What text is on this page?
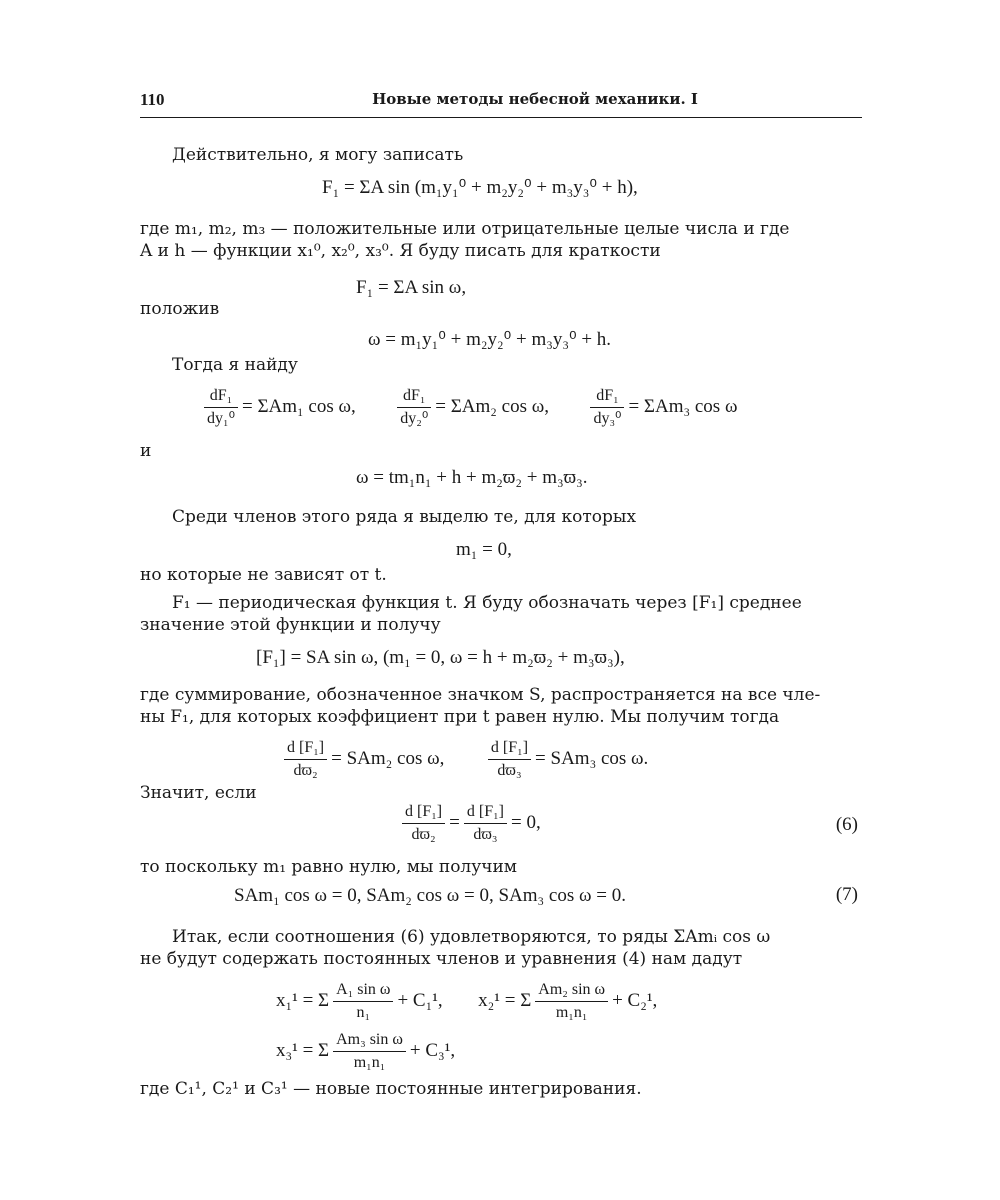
110	Новые методы небесной механики. I
Действительно, я могу записать
F₁ = ΣA sin (m₁y₁⁰ + m₂y₂⁰ + m₃y₃⁰ + h),
где m₁, m₂, m₃ — положительные или отрицательные целые числа и где
A и h — функции x₁⁰, x₂⁰, x₃⁰. Я буду писать для краткости
F₁ = ΣA sin ω,
положив
ω = m₁y₁⁰ + m₂y₂⁰ + m₃y₃⁰ + h.
Тогда я найду
$\frac{\text{dF₁}}{\text{dy₁⁰}} = \Sigma Am_1$ cos ω,	$\frac{\text{dF₁}}{\text{dy₂⁰}} = \Sigma Am_2$ cos ω,	$\frac{\text{dF₁}}{\text{dy₃⁰}} = \Sigma Am_3$ cos ω
и
ω = tm₁n₁ + h + m₂ϖ₂ + m₃ϖ₃.
Среди членов этого ряда я выделю те, для которых
m₁ = 0,
но которые не зависят от t.
F₁ — периодическая функция t. Я буду обозначать через [F₁] среднее
значение этой функции и получу
[F₁] = SA sin ω, (m₁ = 0, ω = h + m₂ϖ₂ + m₃ϖ₃),
где суммирование, обозначенное значком S, распространяется на все чле-
ны F₁, для которых коэффициент при t равен нулю. Мы получим тогда
$\frac{\text{d [F₁]}}{\text{dϖ₂}} = SAm_2$ cos ω,	$\frac{\text{d [F₁]}}{\text{dϖ₃}} = SAm_3$ cos ω.
Значит, если
$\frac{\text{d [F₁]}}{\text{dϖ₂}} = \frac{\text{d [F₁]}}{\text{dϖ₃}} = 0$,	(6)
то поскольку m₁ равно нулю, мы получим
SAm₁ cos ω = 0, SAm₂ cos ω = 0, SAm₃ cos ω = 0.	(7)
Итак, если соотношения (6) удовлетворяются, то ряды ΣAmᵢ cos ω
не будут содержать постоянных членов и уравнения (4) нам дадут
x₁¹ = Σ $\frac{\text{A₁ sin ω}}{\text{n₁}} + C_1^1$, x₂¹ = Σ $\frac{\text{Am₂ sin ω}}{\text{m₁n₁}} + C_2^1$,
x₃¹ = Σ $\frac{\text{Am₃ sin ω}}{\text{m₁n₁}} + C_3^1$,
где C₁¹, C₂¹ и C₃¹ — новые постоянные интегрирования.
